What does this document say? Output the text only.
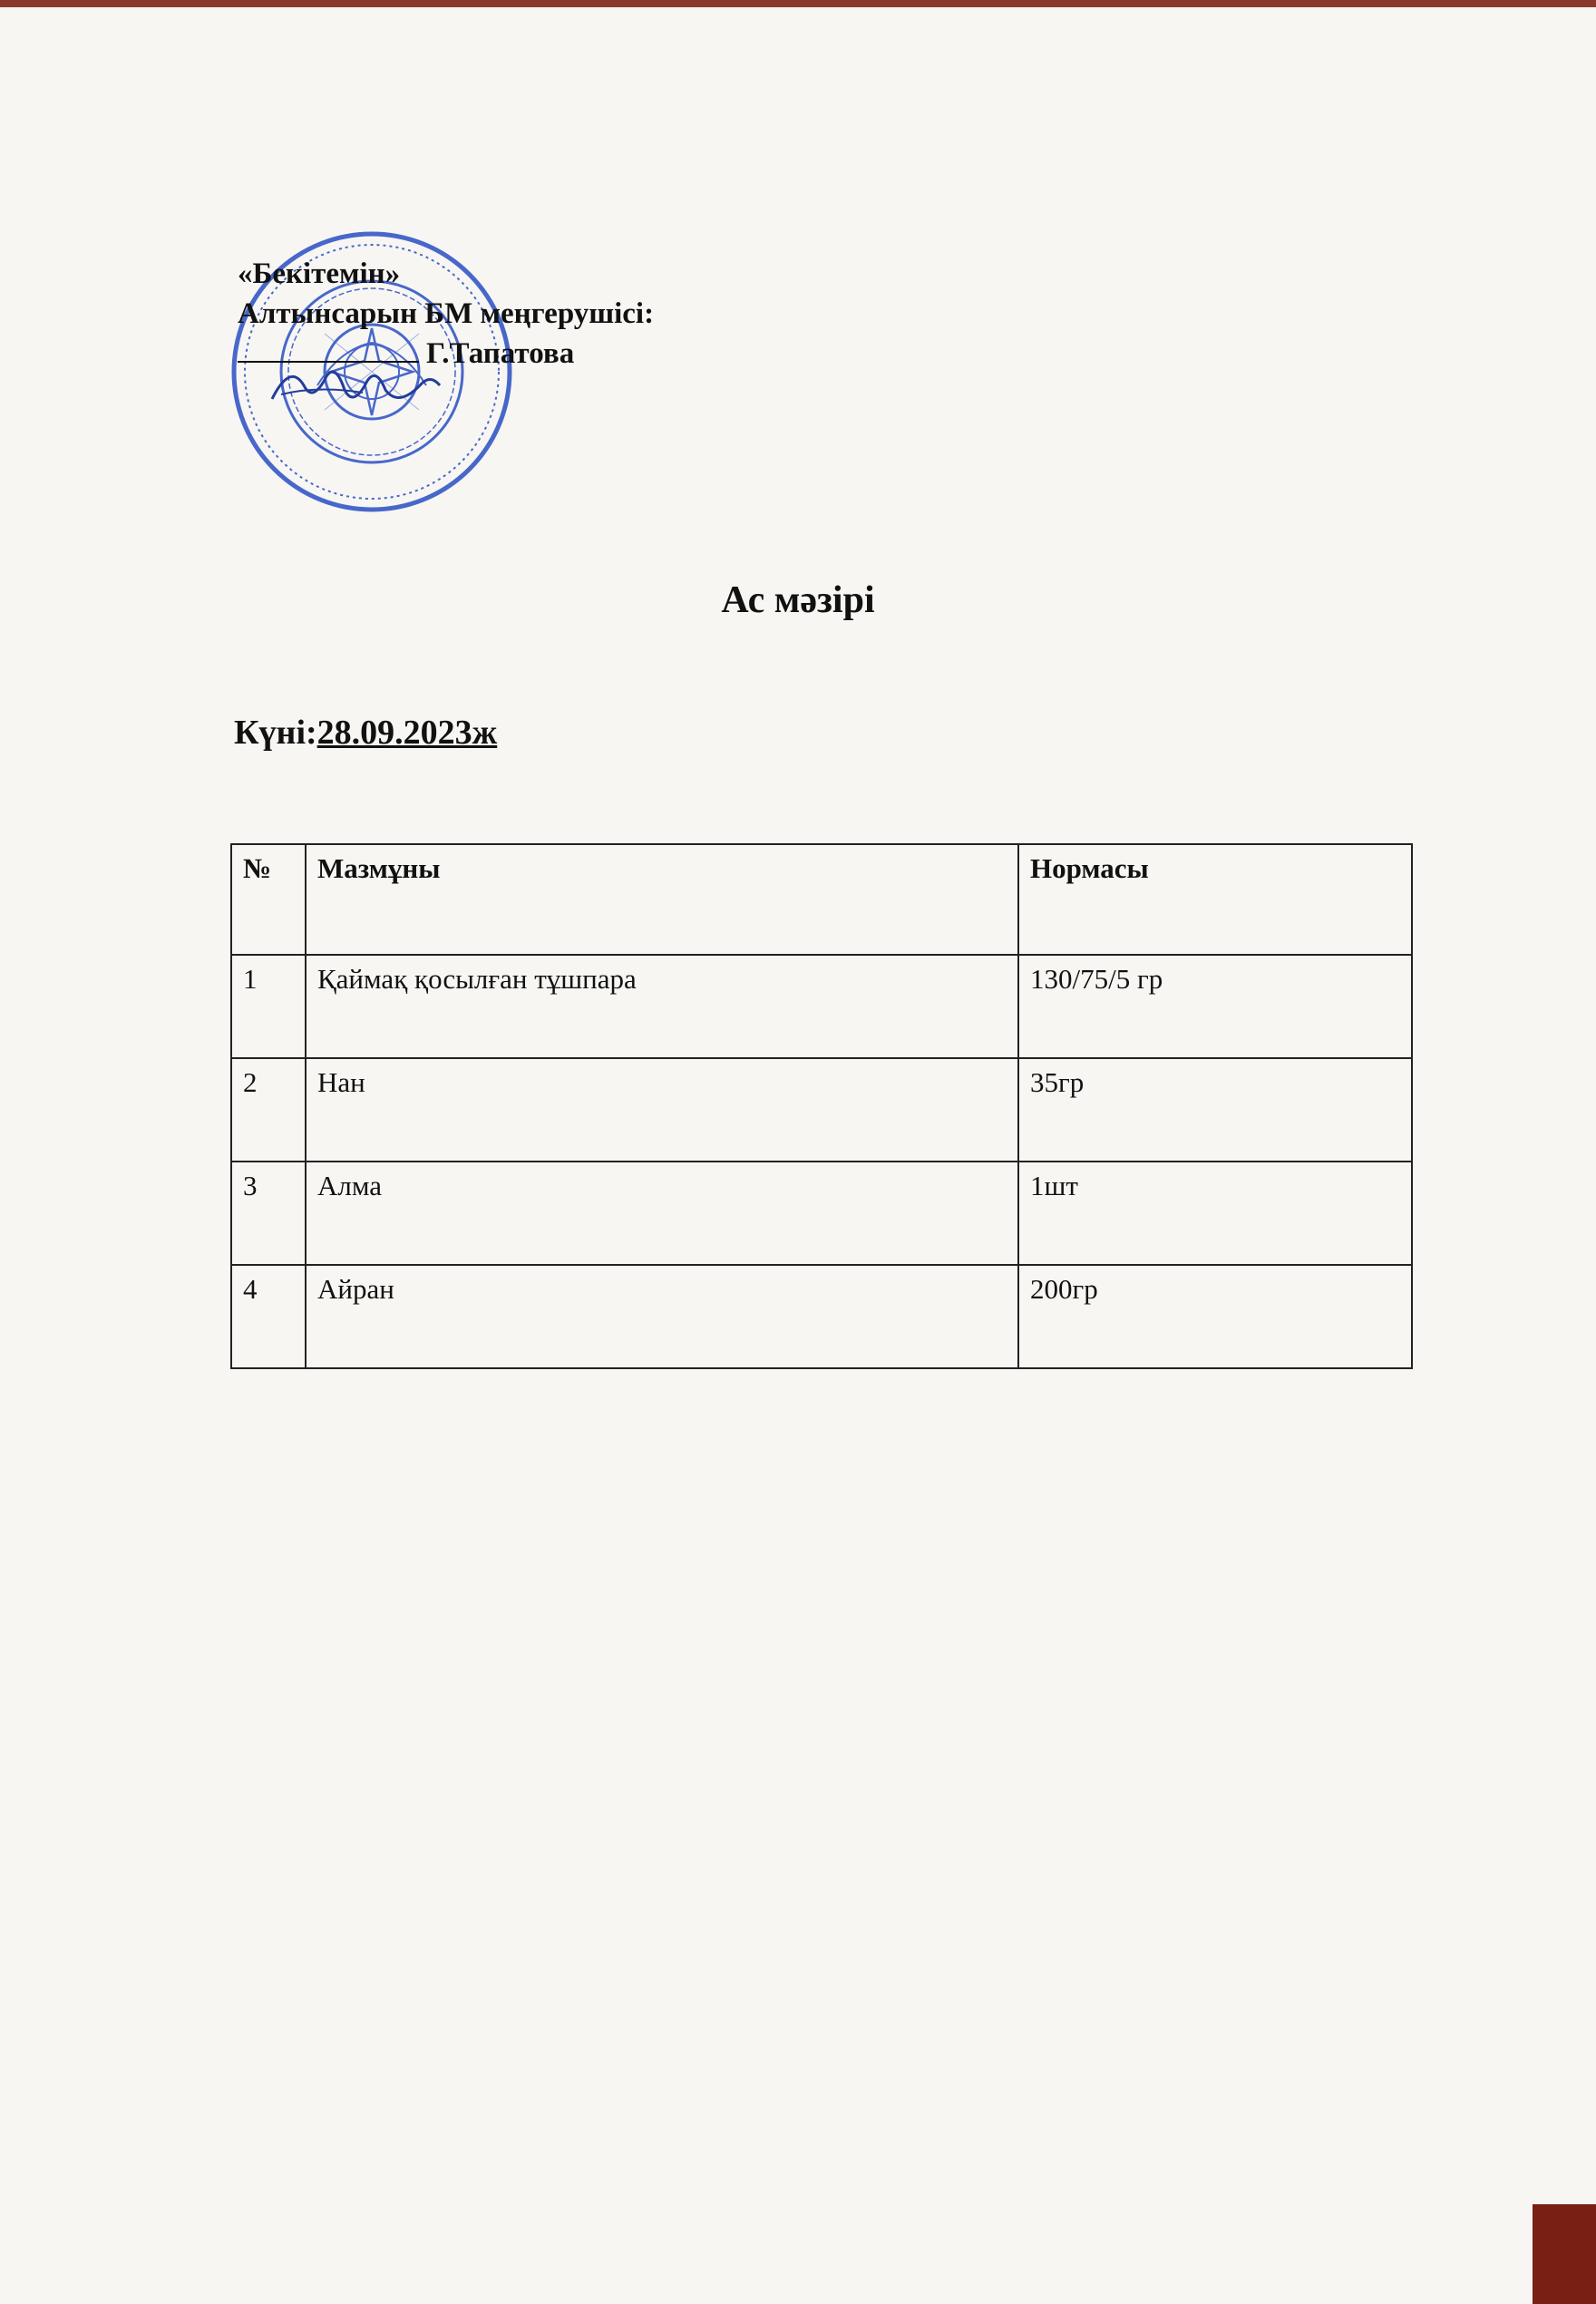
«Бекітемін»
Алтынсарын БМ меңгерушісі:
Г.Тапатова
Ас мәзірі
Күні:28.09.2023ж
№	Мазмұны	Нормасы
1	Қаймақ қосылған тұшпара	130/75/5 гр
2	Нан	35гр
3	Алма	1шт
4	Айран	200гр
